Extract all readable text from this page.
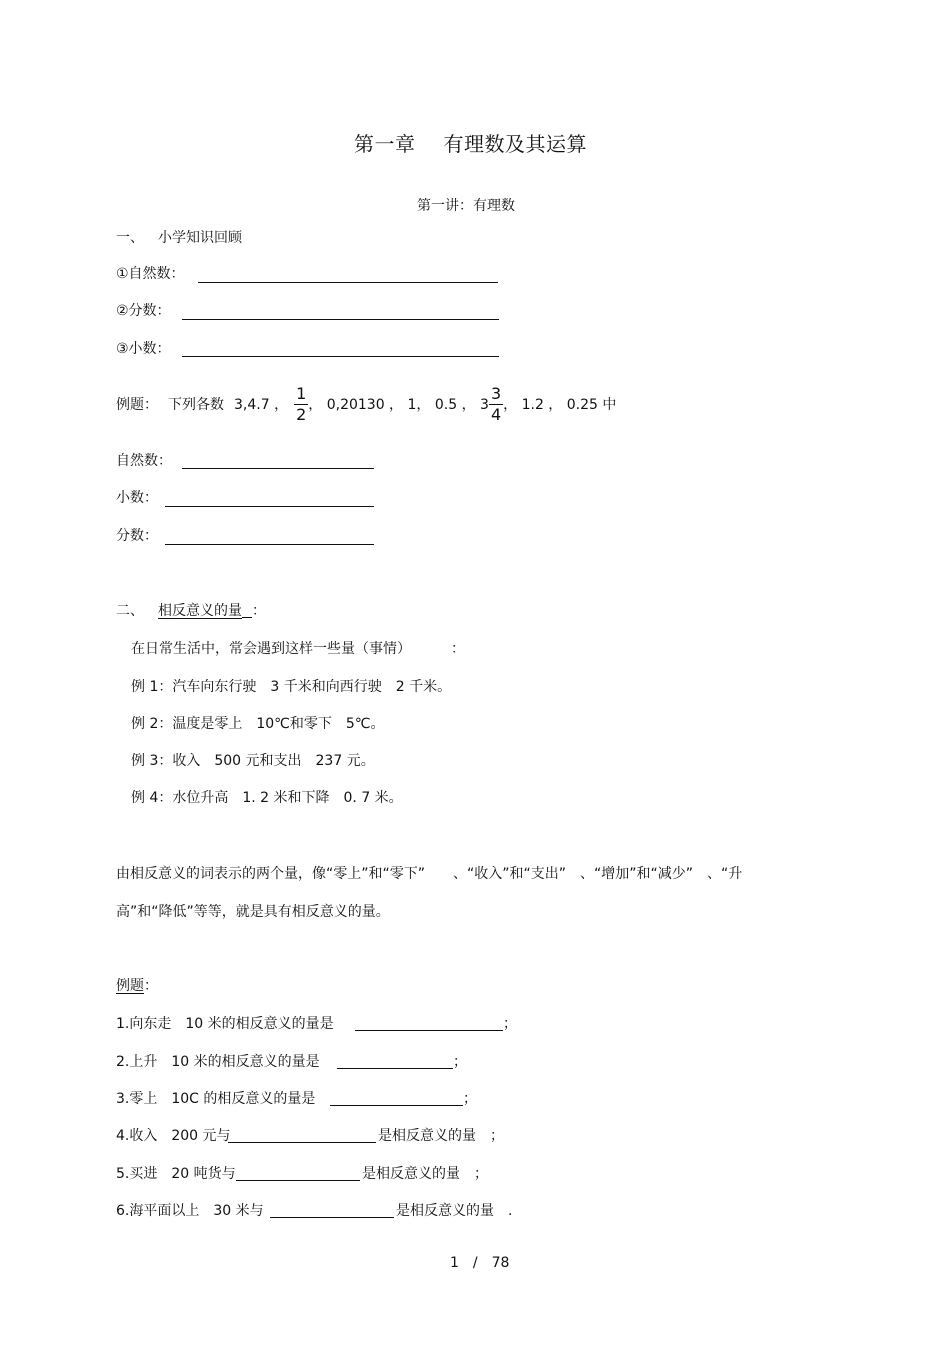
第一章 有理数及其运算
第一讲：有理数
一、 小学知识回顾
①自然数：
②分数：
③小数：
例题： 下列各数 3,4.7 ， $\frac{1}{2}$ ， 0,20130 ， 1， 0.5 ， $3 \frac{3}{4}$ ， 1.2 ， 0.25 中
自然数：
小数：
分数：
二、 相反意义的量 ：
在日常生活中，常会遇到这样一些量（事情）	：
例 1：汽车向东行驶　3 千米和向西行驶　2 千米。
例 2：温度是零上　10℃和零下　5℃。
例 3：收入　500 元和支出　237 元。
例 4：水位升高　1. 2 米和下降　0. 7 米。
由相反意义的词表示的两个量，像“零上”和“零下”　　、“收入”和“支出”　、“增加”和“减少”　、“升
高”和“降低”等等，就是具有相反意义的量。
例题：
1.向东走　10 米的相反意义的量是	；
2.上升　10 米的相反意义的量是	；
3.零上　10C 的相反意义的量是	；
4.收入　200 元与	是相反意义的量　；
5.买进　20 吨货与	是相反意义的量　；
6.海平面以上　30 米与	是相反意义的量　.
1　/　78
